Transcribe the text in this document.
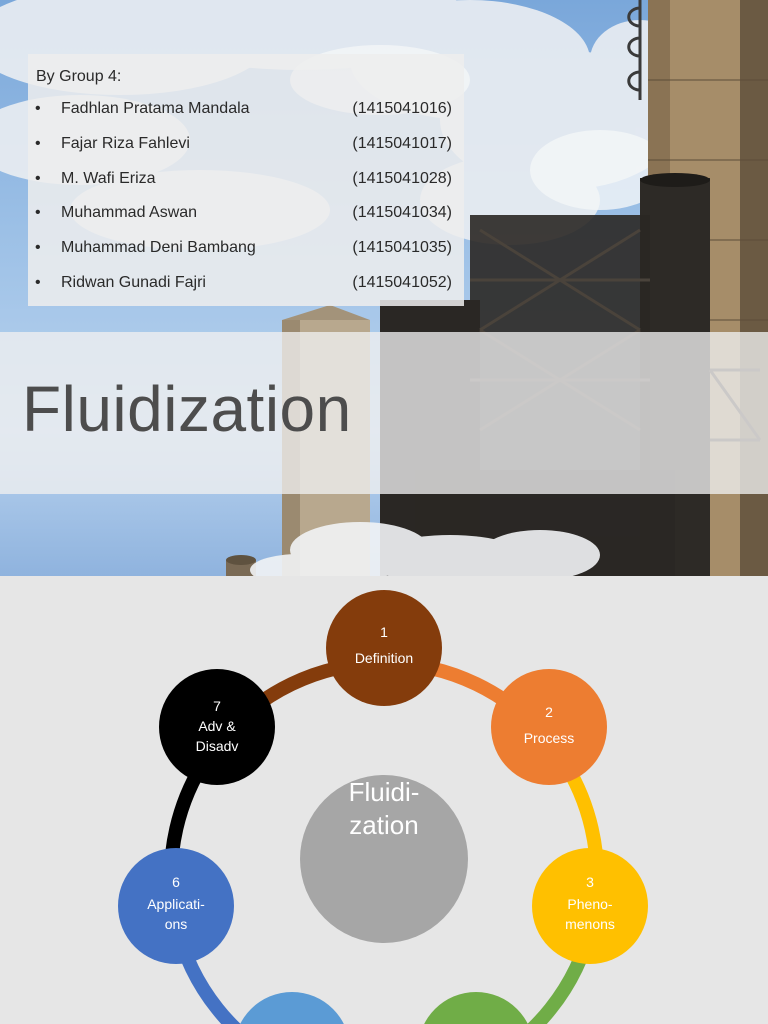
By Group 4:
• Fadhlan Pratama Mandala	(1415041016)
• Fajar Riza Fahlevi	(1415041017)
• M. Wafi Eriza	(1415041028)
• Muhammad Aswan	(1415041034)
• Muhammad Deni Bambang	(1415041035)
• Ridwan Gunadi Fajri	(1415041052)
Fluidization
Fluidi-
zation
1
Definition
2
Process
3
Pheno-
menons
6
Applicati-
ons
7
Adv &
Disadv
